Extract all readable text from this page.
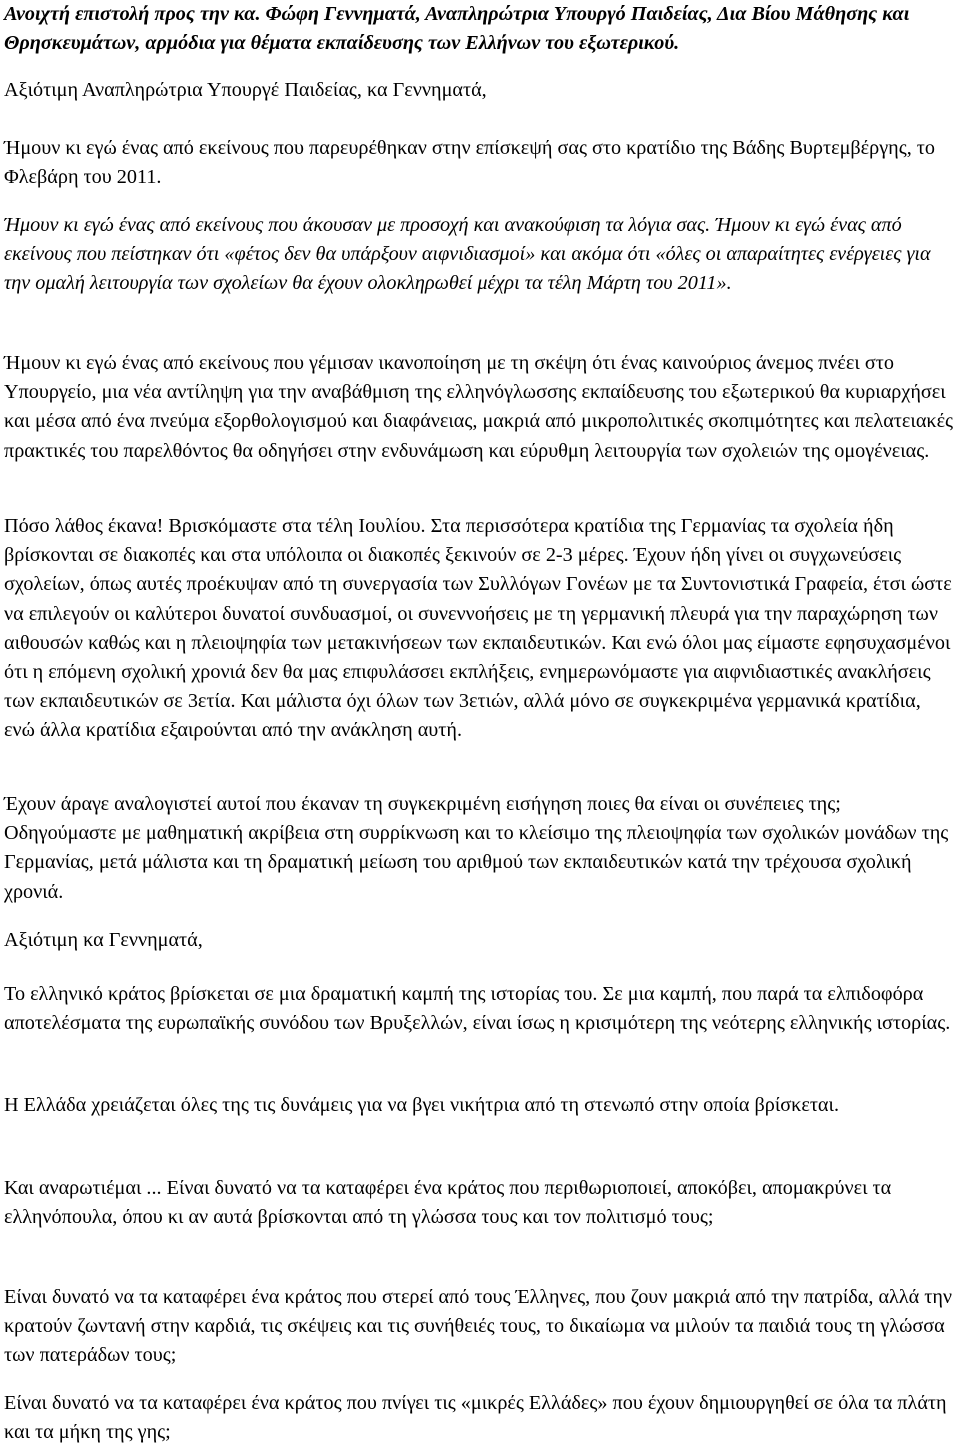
Ανοιχτή επιστολή προς την κα. Φώφη Γεννηματά, Αναπληρώτρια Υπουργό Παιδείας, Δια Βίου Μάθησης και Θρησκευμάτων, αρμόδια για θέματα εκπαίδευσης των Ελλήνων του εξωτερικού.

Αξιότιμη Αναπληρώτρια Υπουργέ Παιδείας, κα Γεννηματά,

Ήμουν κι εγώ ένας από εκείνους που παρευρέθηκαν στην επίσκεψή σας στο κρατίδιο της Βάδης Βυρτεμβέργης, το Φλεβάρη του 2011.

Ήμουν κι εγώ ένας από εκείνους που άκουσαν με προσοχή και ανακούφιση τα λόγια σας. Ήμουν κι εγώ ένας από εκείνους που πείστηκαν ότι «φέτος δεν θα υπάρξουν αιφνιδιασμοί» και ακόμα ότι «όλες οι απαραίτητες ενέργειες για την ομαλή λειτουργία των σχολείων θα έχουν ολοκληρωθεί μέχρι τα τέλη Μάρτη του 2011».

Ήμουν κι εγώ ένας από εκείνους που γέμισαν ικανοποίηση με τη σκέψη ότι ένας καινούριος άνεμος πνέει στο Υπουργείο, μια νέα αντίληψη για την αναβάθμιση της ελληνόγλωσσης εκπαίδευσης του εξωτερικού θα κυριαρχήσει και μέσα από ένα πνεύμα εξορθολογισμού και διαφάνειας, μακριά από μικροπολιτικές σκοπιμότητες και πελατειακές πρακτικές του παρελθόντος θα οδηγήσει στην ενδυνάμωση και εύρυθμη λειτουργία των σχολειών της ομογένειας.

Πόσο λάθος έκανα! Βρισκόμαστε στα τέλη Ιουλίου. Στα περισσότερα κρατίδια της Γερμανίας τα σχολεία ήδη βρίσκονται σε διακοπές και στα υπόλοιπα οι διακοπές ξεκινούν σε 2-3 μέρες. Έχουν ήδη γίνει οι συγχωνεύσεις σχολείων, όπως αυτές προέκυψαν από τη συνεργασία των Συλλόγων Γονέων με τα Συντονιστικά Γραφεία, έτσι ώστε να επιλεγούν οι καλύτεροι δυνατοί συνδυασμοί, οι συνεννοήσεις με τη γερμανική πλευρά για την παραχώρηση των αιθουσών καθώς και η πλειοψηφία των μετακινήσεων των εκπαιδευτικών. Και ενώ όλοι μας είμαστε εφησυχασμένοι ότι η επόμενη σχολική χρονιά δεν θα μας επιφυλάσσει εκπλήξεις, ενημερωνόμαστε για αιφνιδιαστικές ανακλήσεις των εκπαιδευτικών σε 3ετία. Και μάλιστα όχι όλων των 3ετιών, αλλά μόνο σε συγκεκριμένα γερμανικά κρατίδια, ενώ άλλα κρατίδια εξαιρούνται από την ανάκληση αυτή.

Έχουν άραγε αναλογιστεί αυτοί που έκαναν τη συγκεκριμένη εισήγηση ποιες θα είναι οι συνέπειες της; Οδηγούμαστε με μαθηματική ακρίβεια στη συρρίκνωση και το κλείσιμο της πλειοψηφία των σχολικών μονάδων της Γερμανίας, μετά μάλιστα και τη δραματική μείωση του αριθμού των εκπαιδευτικών κατά την τρέχουσα σχολική χρονιά.

Αξιότιμη κα Γεννηματά,

Το ελληνικό κράτος βρίσκεται σε μια δραματική καμπή της ιστορίας του. Σε μια καμπή, που παρά τα ελπιδοφόρα αποτελέσματα της ευρωπαϊκής συνόδου των Βρυξελλών, είναι ίσως η κρισιμότερη της νεότερης ελληνικής ιστορίας.

Η Ελλάδα χρειάζεται όλες της τις δυνάμεις για να βγει νικήτρια από τη στενωπό στην οποία βρίσκεται.

Και αναρωτιέμαι ... Είναι δυνατό να τα καταφέρει ένα κράτος που περιθωριοποιεί, αποκόβει, απομακρύνει τα ελληνόπουλα, όπου κι αν αυτά βρίσκονται από τη γλώσσα τους και τον πολιτισμό τους;

Είναι δυνατό να τα καταφέρει ένα κράτος που στερεί από τους Έλληνες, που ζουν μακριά από την πατρίδα, αλλά την κρατούν ζωντανή στην καρδιά, τις σκέψεις και τις συνήθειές τους, το δικαίωμα να μιλούν τα παιδιά τους τη γλώσσα των πατεράδων τους;

Είναι δυνατό να τα καταφέρει ένα κράτος που πνίγει τις «μικρές Ελλάδες» που έχουν δημιουργηθεί σε όλα τα πλάτη και τα μήκη της γης;
